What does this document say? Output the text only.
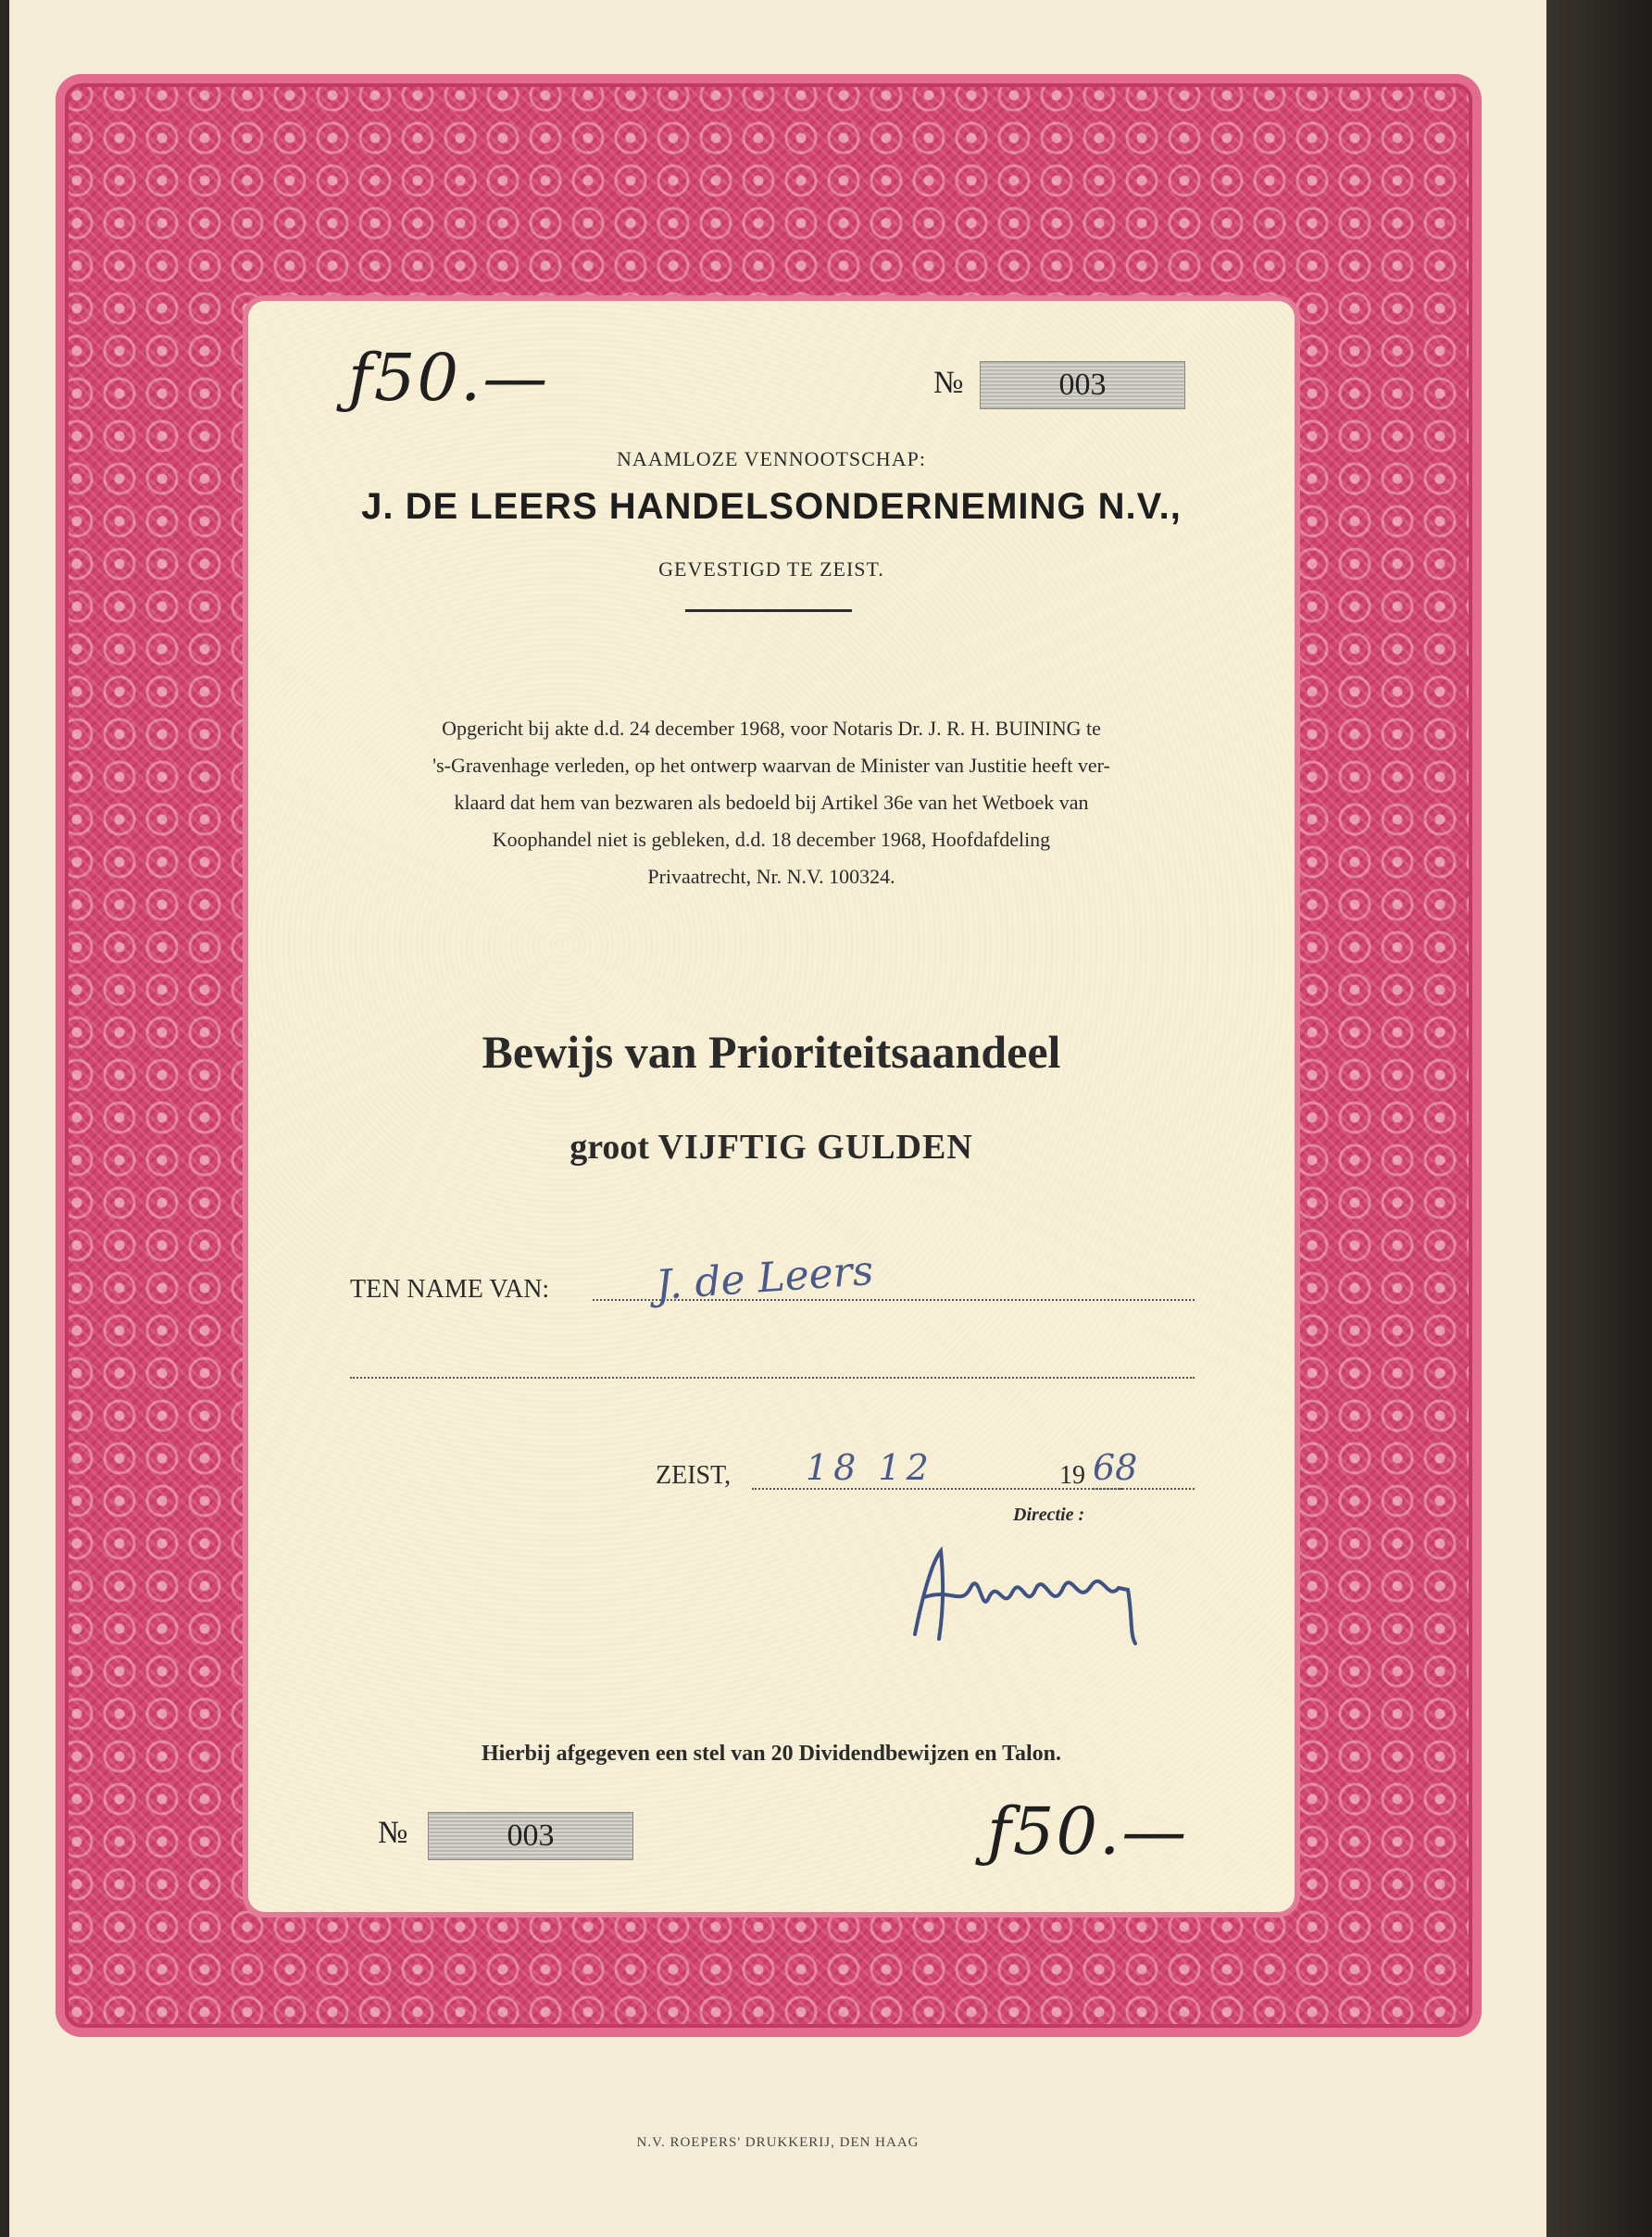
ƒ50.—	№	003
NAAMLOZE VENNOOTSCHAP:
J. DE LEERS HANDELSONDERNEMING N.V.,
GEVESTIGD TE ZEIST.
Opgericht bij akte d.d. 24 december 1968, voor Notaris Dr. J. R. H. BUINING te
's-Gravenhage verleden, op het ontwerp waarvan de Minister van Justitie heeft ver-
klaard dat hem van bezwaren als bedoeld bij Artikel 36e van het Wetboek van
Koophandel niet is gebleken, d.d. 18 december 1968, Hoofdafdeling
Privaatrecht, Nr. N.V. 100324.
Bewijs van Prioriteitsaandeel
groot VIJFTIG GULDEN
TEN NAME VAN:	J. de Leers
ZEIST, 18 12	19 68
Directie :
Hierbij afgegeven een stel van 20 Dividendbewijzen en Talon.
№	003	ƒ50.—
N.V. ROEPERS' DRUKKERIJ, DEN HAAG
